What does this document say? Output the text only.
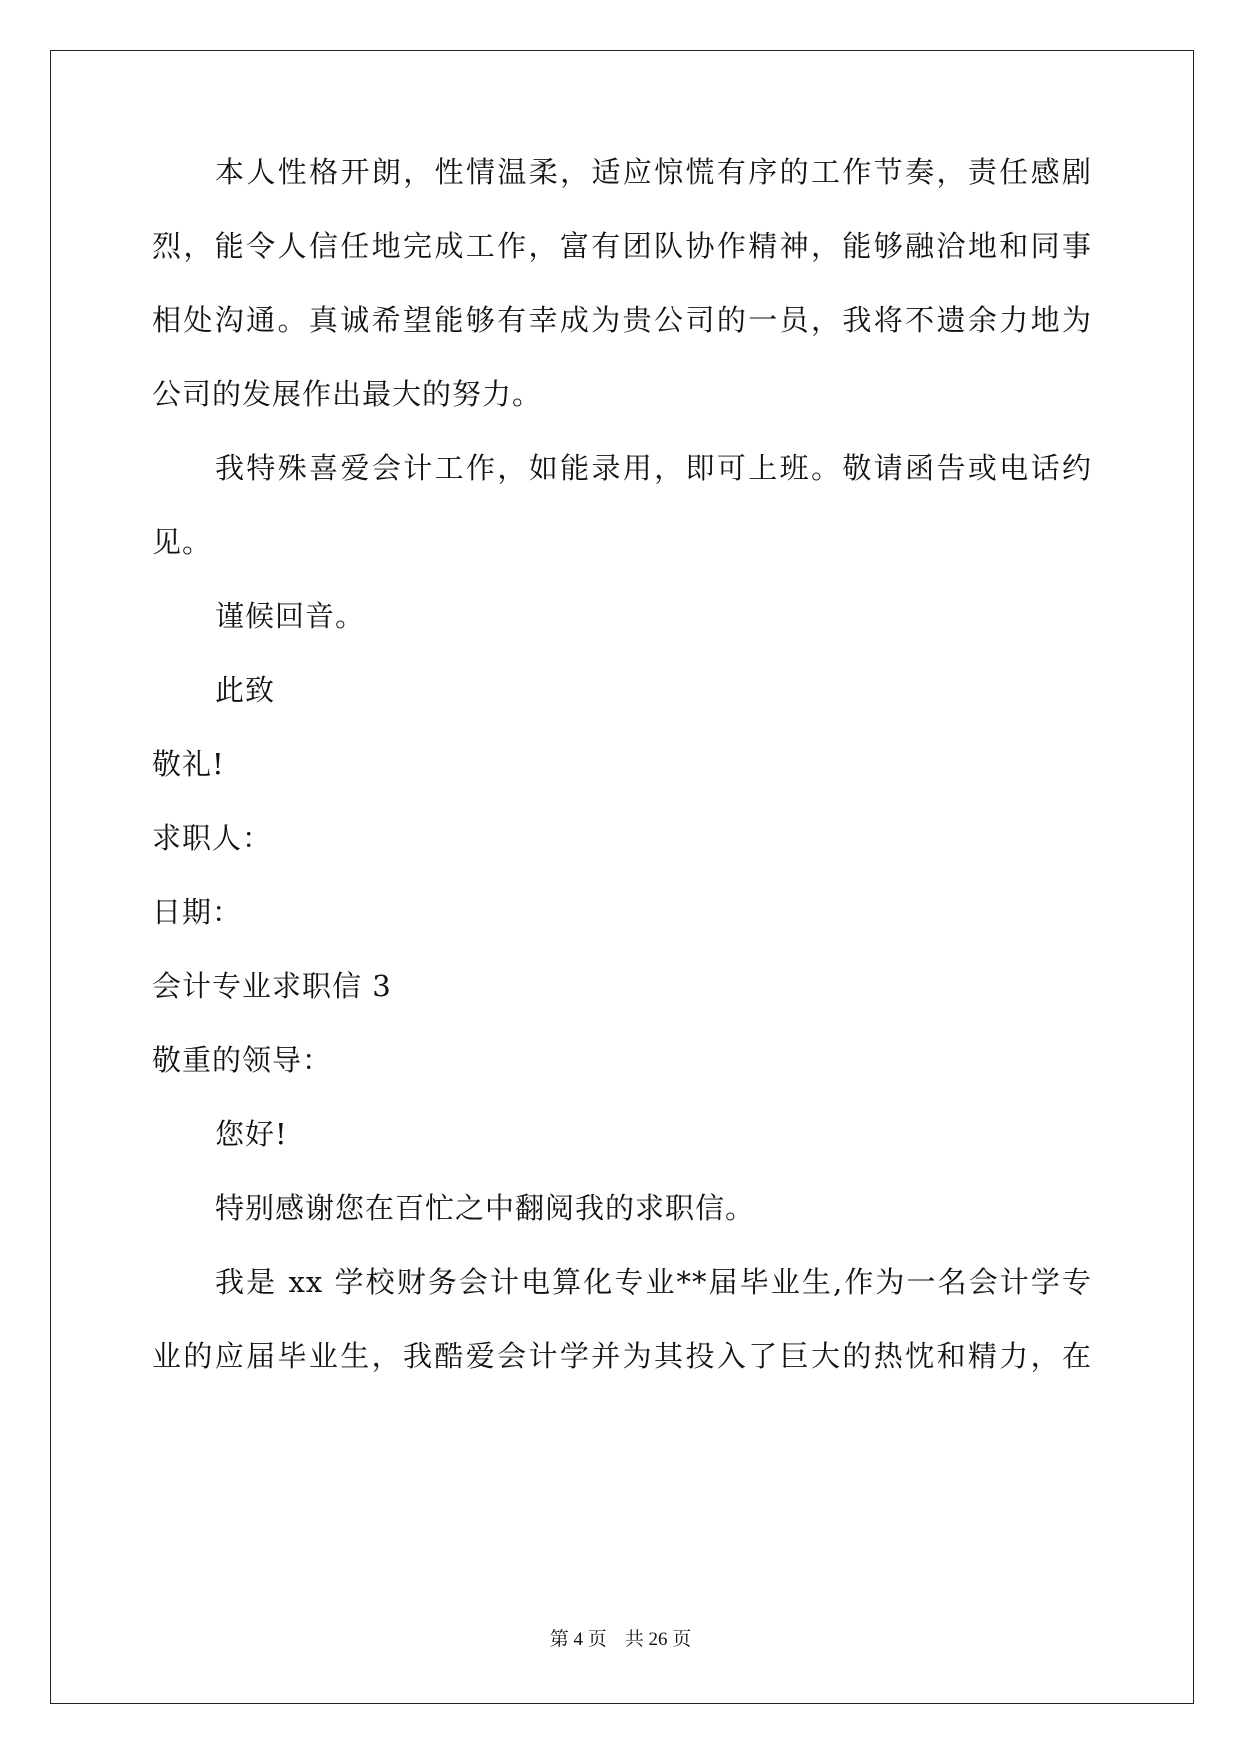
本人性格开朗，性情温柔，适应惊慌有序的工作节奏，责任感剧
烈，能令人信任地完成工作，富有团队协作精神，能够融洽地和同事
相处沟通。真诚希望能够有幸成为贵公司的一员，我将不遗余力地为
公司的发展作出最大的努力。
我特殊喜爱会计工作，如能录用，即可上班。敬请函告或电话约
见。
谨候回音。
此致
敬礼!
求职人：
日期：
会计专业求职信 3
敬重的领导：
您好!
特别感谢您在百忙之中翻阅我的求职信。
我是 xx 学校财务会计电算化专业**届毕业生,作为一名会计学专
业的应届毕业生，我酷爱会计学并为其投入了巨大的热忱和精力，在
第 4 页 共 26 页
